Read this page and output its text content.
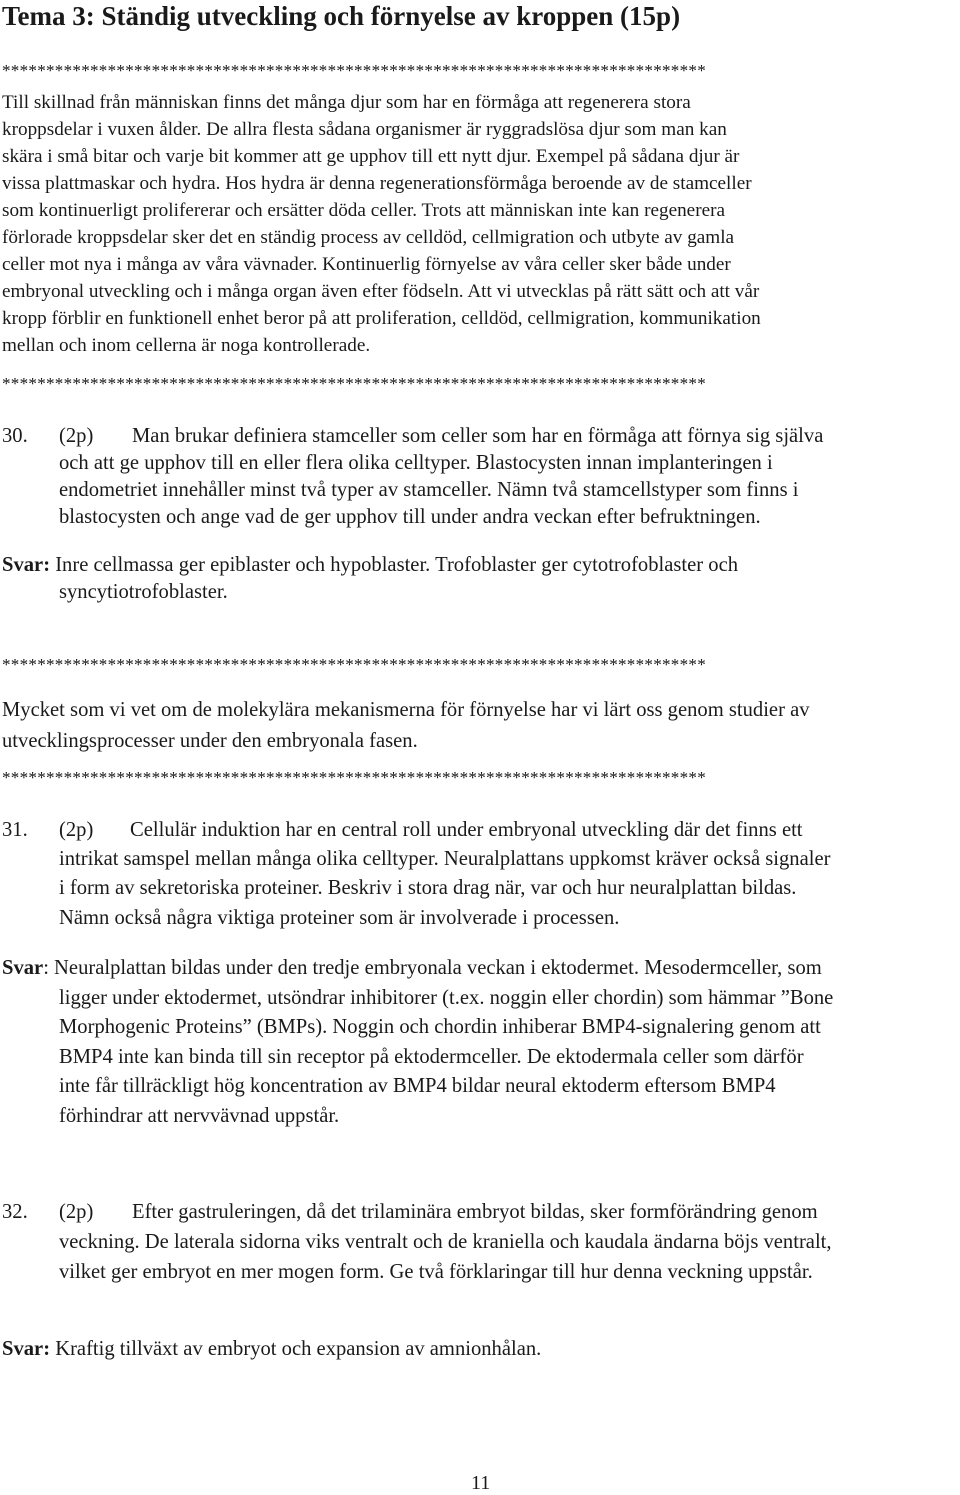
Tema 3: Ständig utveckling och förnyelse av kroppen (15p)
********************************************************************************
Till skillnad från människan finns det många djur som har en förmåga att regenerera stora
kroppsdelar i vuxen ålder. De allra flesta sådana organismer är ryggradslösa djur som man kan
skära i små bitar och varje bit kommer att ge upphov till ett nytt djur. Exempel på sådana djur är
vissa plattmaskar och hydra. Hos hydra är denna regenerationsförmåga beroende av de stamceller
som kontinuerligt prolifererar och ersätter döda celler. Trots att människan inte kan regenerera
förlorade kroppsdelar sker det en ständig process av celldöd, cellmigration och utbyte av gamla
celler mot nya i många av våra vävnader. Kontinuerlig förnyelse av våra celler sker både under
embryonal utveckling och i många organ även efter födseln. Att vi utvecklas på rätt sätt och att vår
kropp förblir en funktionell enhet beror på att proliferation, celldöd, cellmigration, kommunikation
mellan och inom cellerna är noga kontrollerade.
********************************************************************************
30. (2p) Man brukar definiera stamceller som celler som har en förmåga att förnya sig själva
och att ge upphov till en eller flera olika celltyper. Blastocysten innan implanteringen i
endometriet innehåller minst två typer av stamceller. Nämn två stamcellstyper som finns i
blastocysten och ange vad de ger upphov till under andra veckan efter befruktningen.
Svar: Inre cellmassa ger epiblaster och hypoblaster. Trofoblaster ger cytotrofoblaster och
syncytiotrofoblaster.
********************************************************************************
Mycket som vi vet om de molekylära mekanismerna för förnyelse har vi lärt oss genom studier av
utvecklingsprocesser under den embryonala fasen.
********************************************************************************
31. (2p) Cellulär induktion har en central roll under embryonal utveckling där det finns ett
intrikat samspel mellan många olika celltyper. Neuralplattans uppkomst kräver också signaler
i form av sekretoriska proteiner. Beskriv i stora drag när, var och hur neuralplattan bildas.
Nämn också några viktiga proteiner som är involverade i processen.
Svar: Neuralplattan bildas under den tredje embryonala veckan i ektodermet. Mesodermceller, som
ligger under ektodermet, utsöndrar inhibitorer (t.ex. noggin eller chordin) som hämmar ”Bone
Morphogenic Proteins” (BMPs). Noggin och chordin inhiberar BMP4-signalering genom att
BMP4 inte kan binda till sin receptor på ektodermceller. De ektodermala celler som därför
inte får tillräckligt hög koncentration av BMP4 bildar neural ektoderm eftersom BMP4
förhindrar att nervvävnad uppstår.
32. (2p) Efter gastruleringen, då det trilaminära embryot bildas, sker formförändring genom
veckning. De laterala sidorna viks ventralt och de kraniella och kaudala ändarna böjs ventralt,
vilket ger embryot en mer mogen form. Ge två förklaringar till hur denna veckning uppstår.
Svar: Kraftig tillväxt av embryot och expansion av amnionhålan.
11
